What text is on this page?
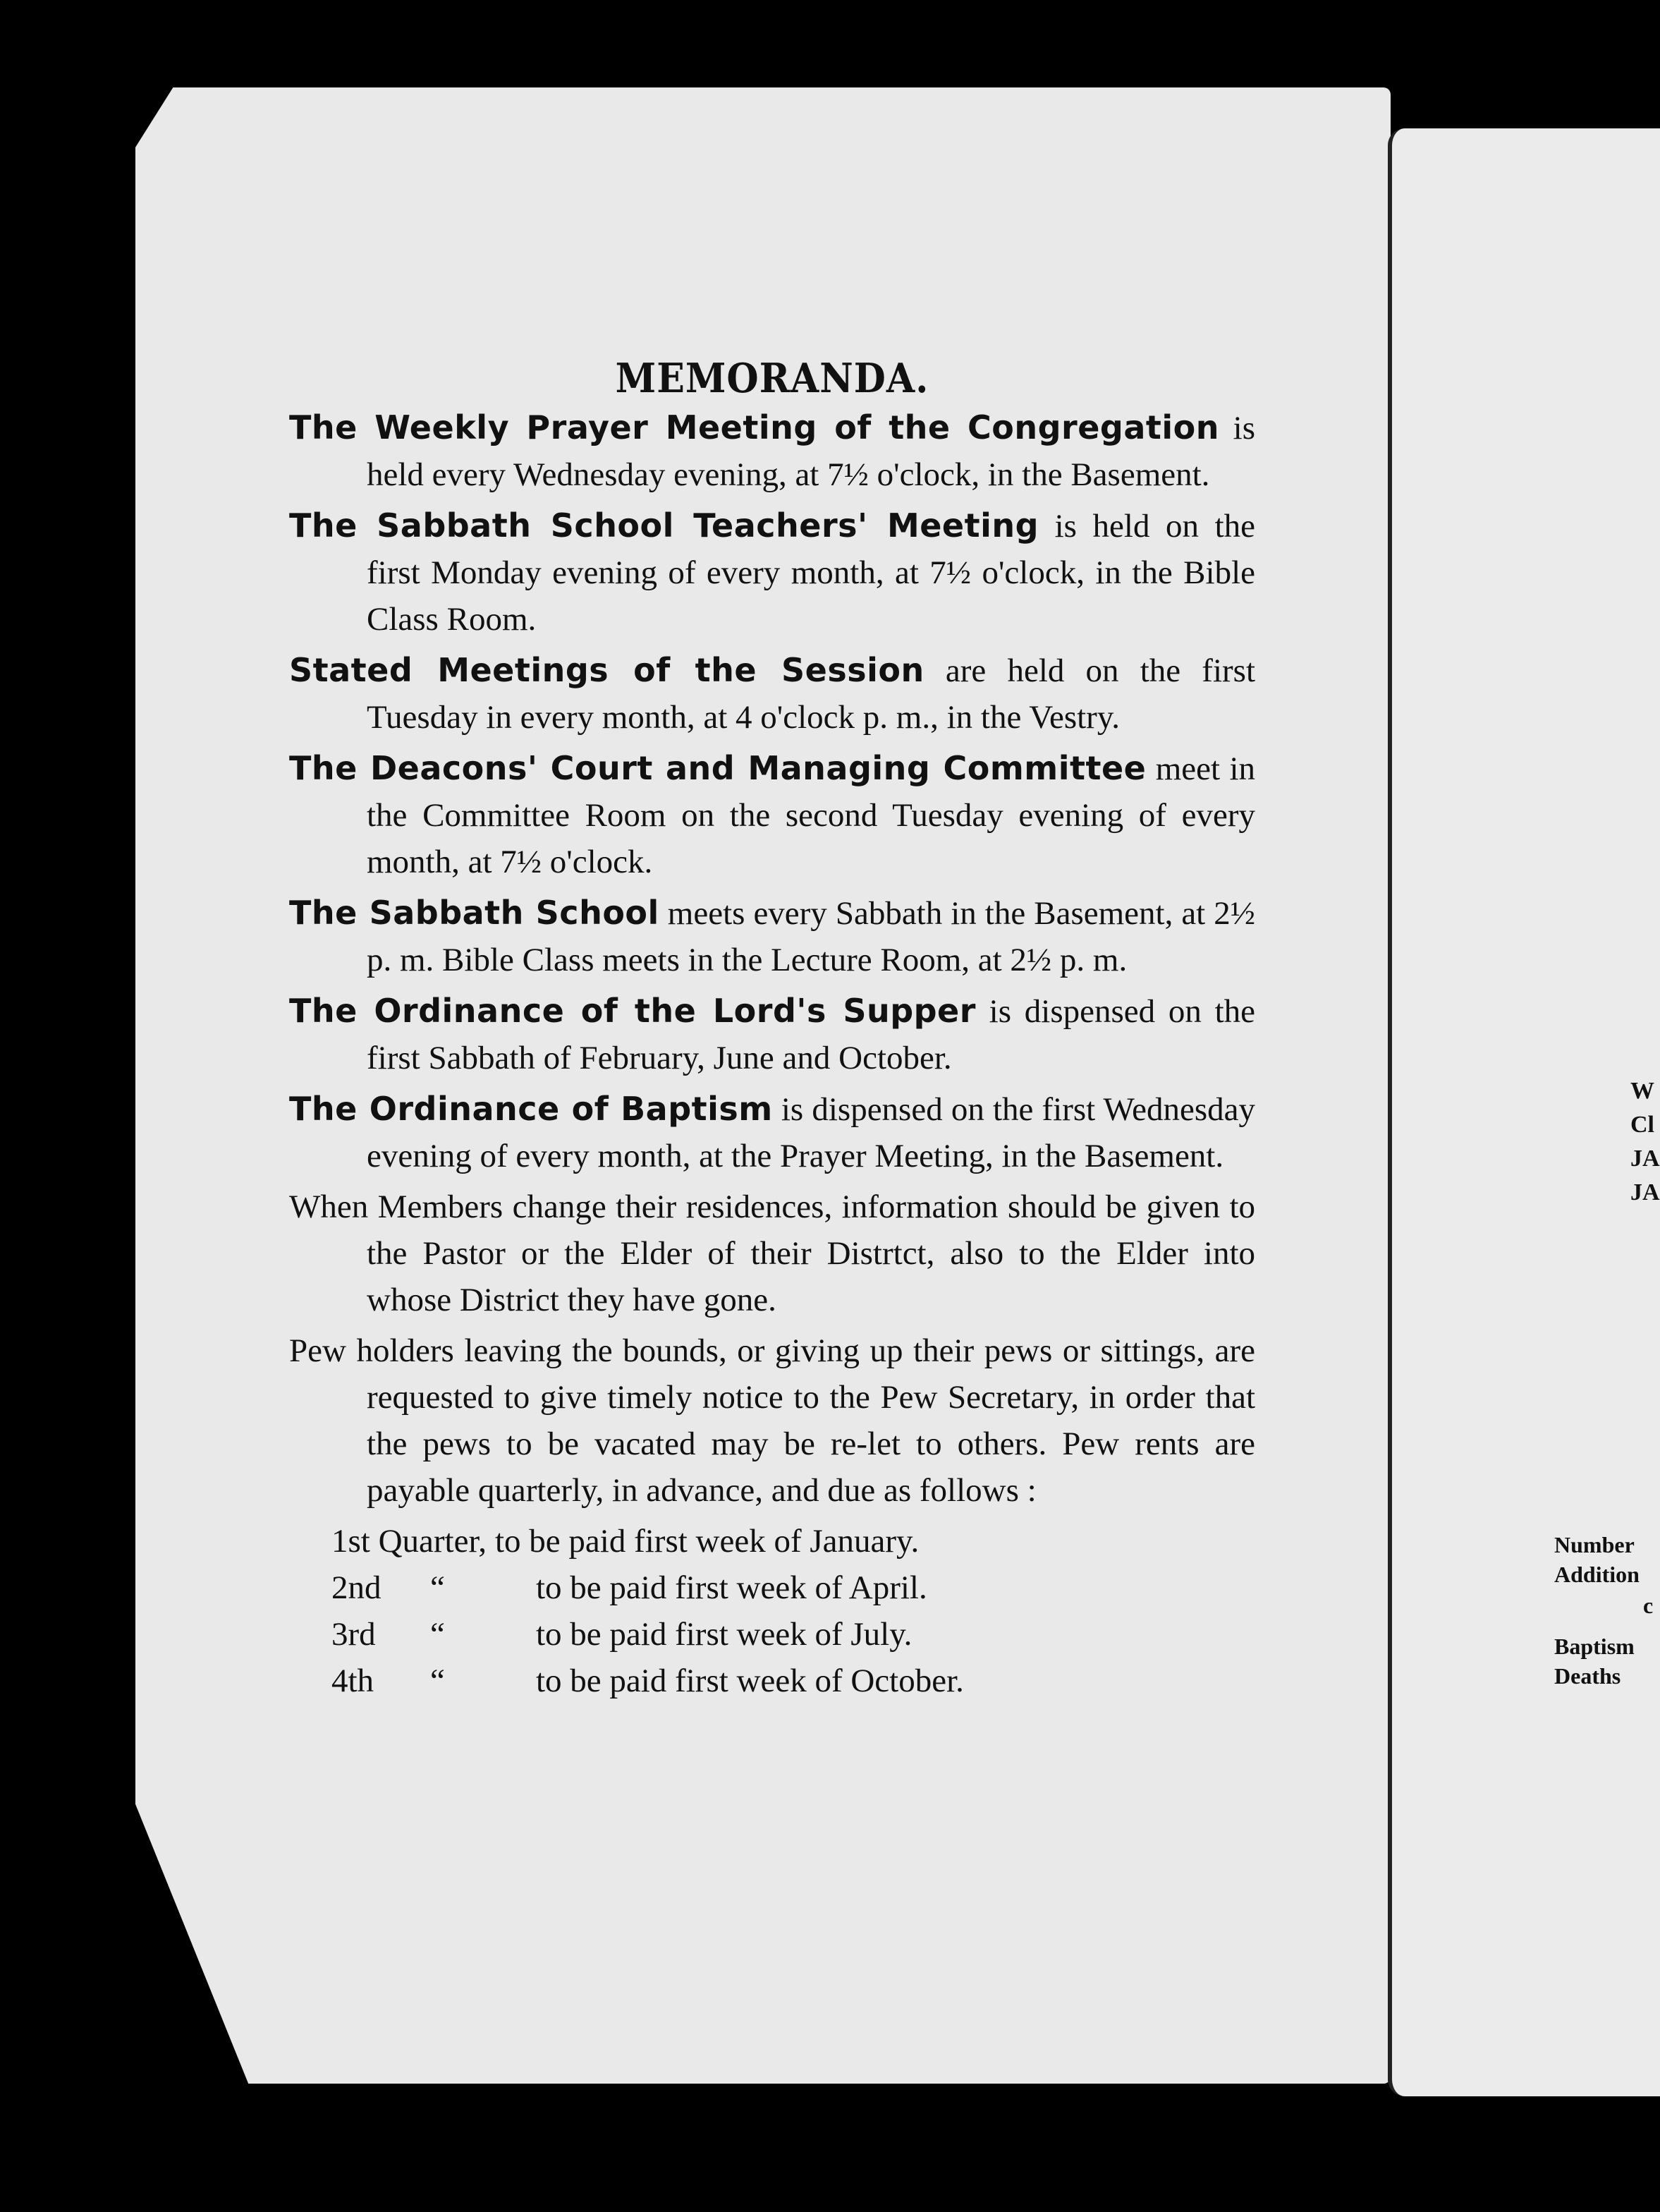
MEMORANDA.

The Weekly Prayer Meeting of the Congregation is held every Wednesday evening, at 7½ o'clock, in the Basement.

The Sabbath School Teachers' Meeting is held on the first Monday evening of every month, at 7½ o'clock, in the Bible Class Room.

Stated Meetings of the Session are held on the first Tuesday in every month, at 4 o'clock p. m., in the Vestry.

The Deacons' Court and Managing Committee meet in the Committee Room on the second Tuesday evening of every month, at 7½ o'clock.

The Sabbath School meets every Sabbath in the Basement, at 2½ p. m. Bible Class meets in the Lecture Room, at 2½ p. m.

The Ordinance of the Lord's Supper is dispensed on the first Sabbath of February, June and October.

The Ordinance of Baptism is dispensed on the first Wednesday evening of every month, at the Prayer Meeting, in the Basement.

When Members change their residences, information should be given to the Pastor or the Elder of their Distrtct, also to the Elder into whose District they have gone.

Pew holders leaving the bounds, or giving up their pews or sittings, are requested to give timely notice to the Pew Secretary, in order that the pews to be vacated may be re-let to others. Pew rents are payable quarterly, in advance, and due as follows :

1st Quarter, to be paid first week of January.
2nd	“	to be paid first week of April.
3rd	“	to be paid first week of July.
4th	“	to be paid first week of October.
W
Cl
JA
JA
Number
Addition
c
Baptism
Deaths
